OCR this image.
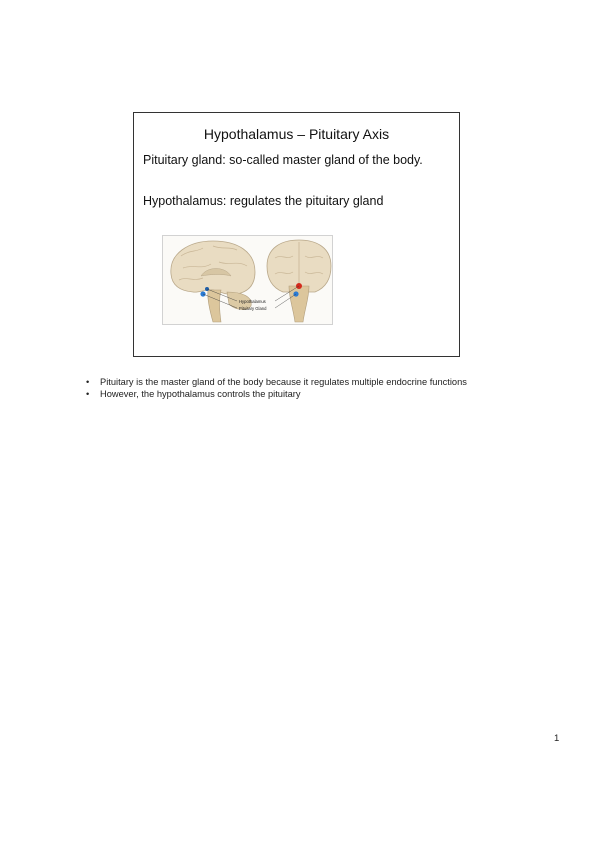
Hypothalamus – Pituitary Axis
Pituitary gland: so-called master gland of the body.
Hypothalamus: regulates the pituitary gland
Hypothalamus
Pituitary Gland
• Pituitary is the master gland of the body because it regulates multiple endocrine functions
• However, the hypothalamus controls the pituitary
1
